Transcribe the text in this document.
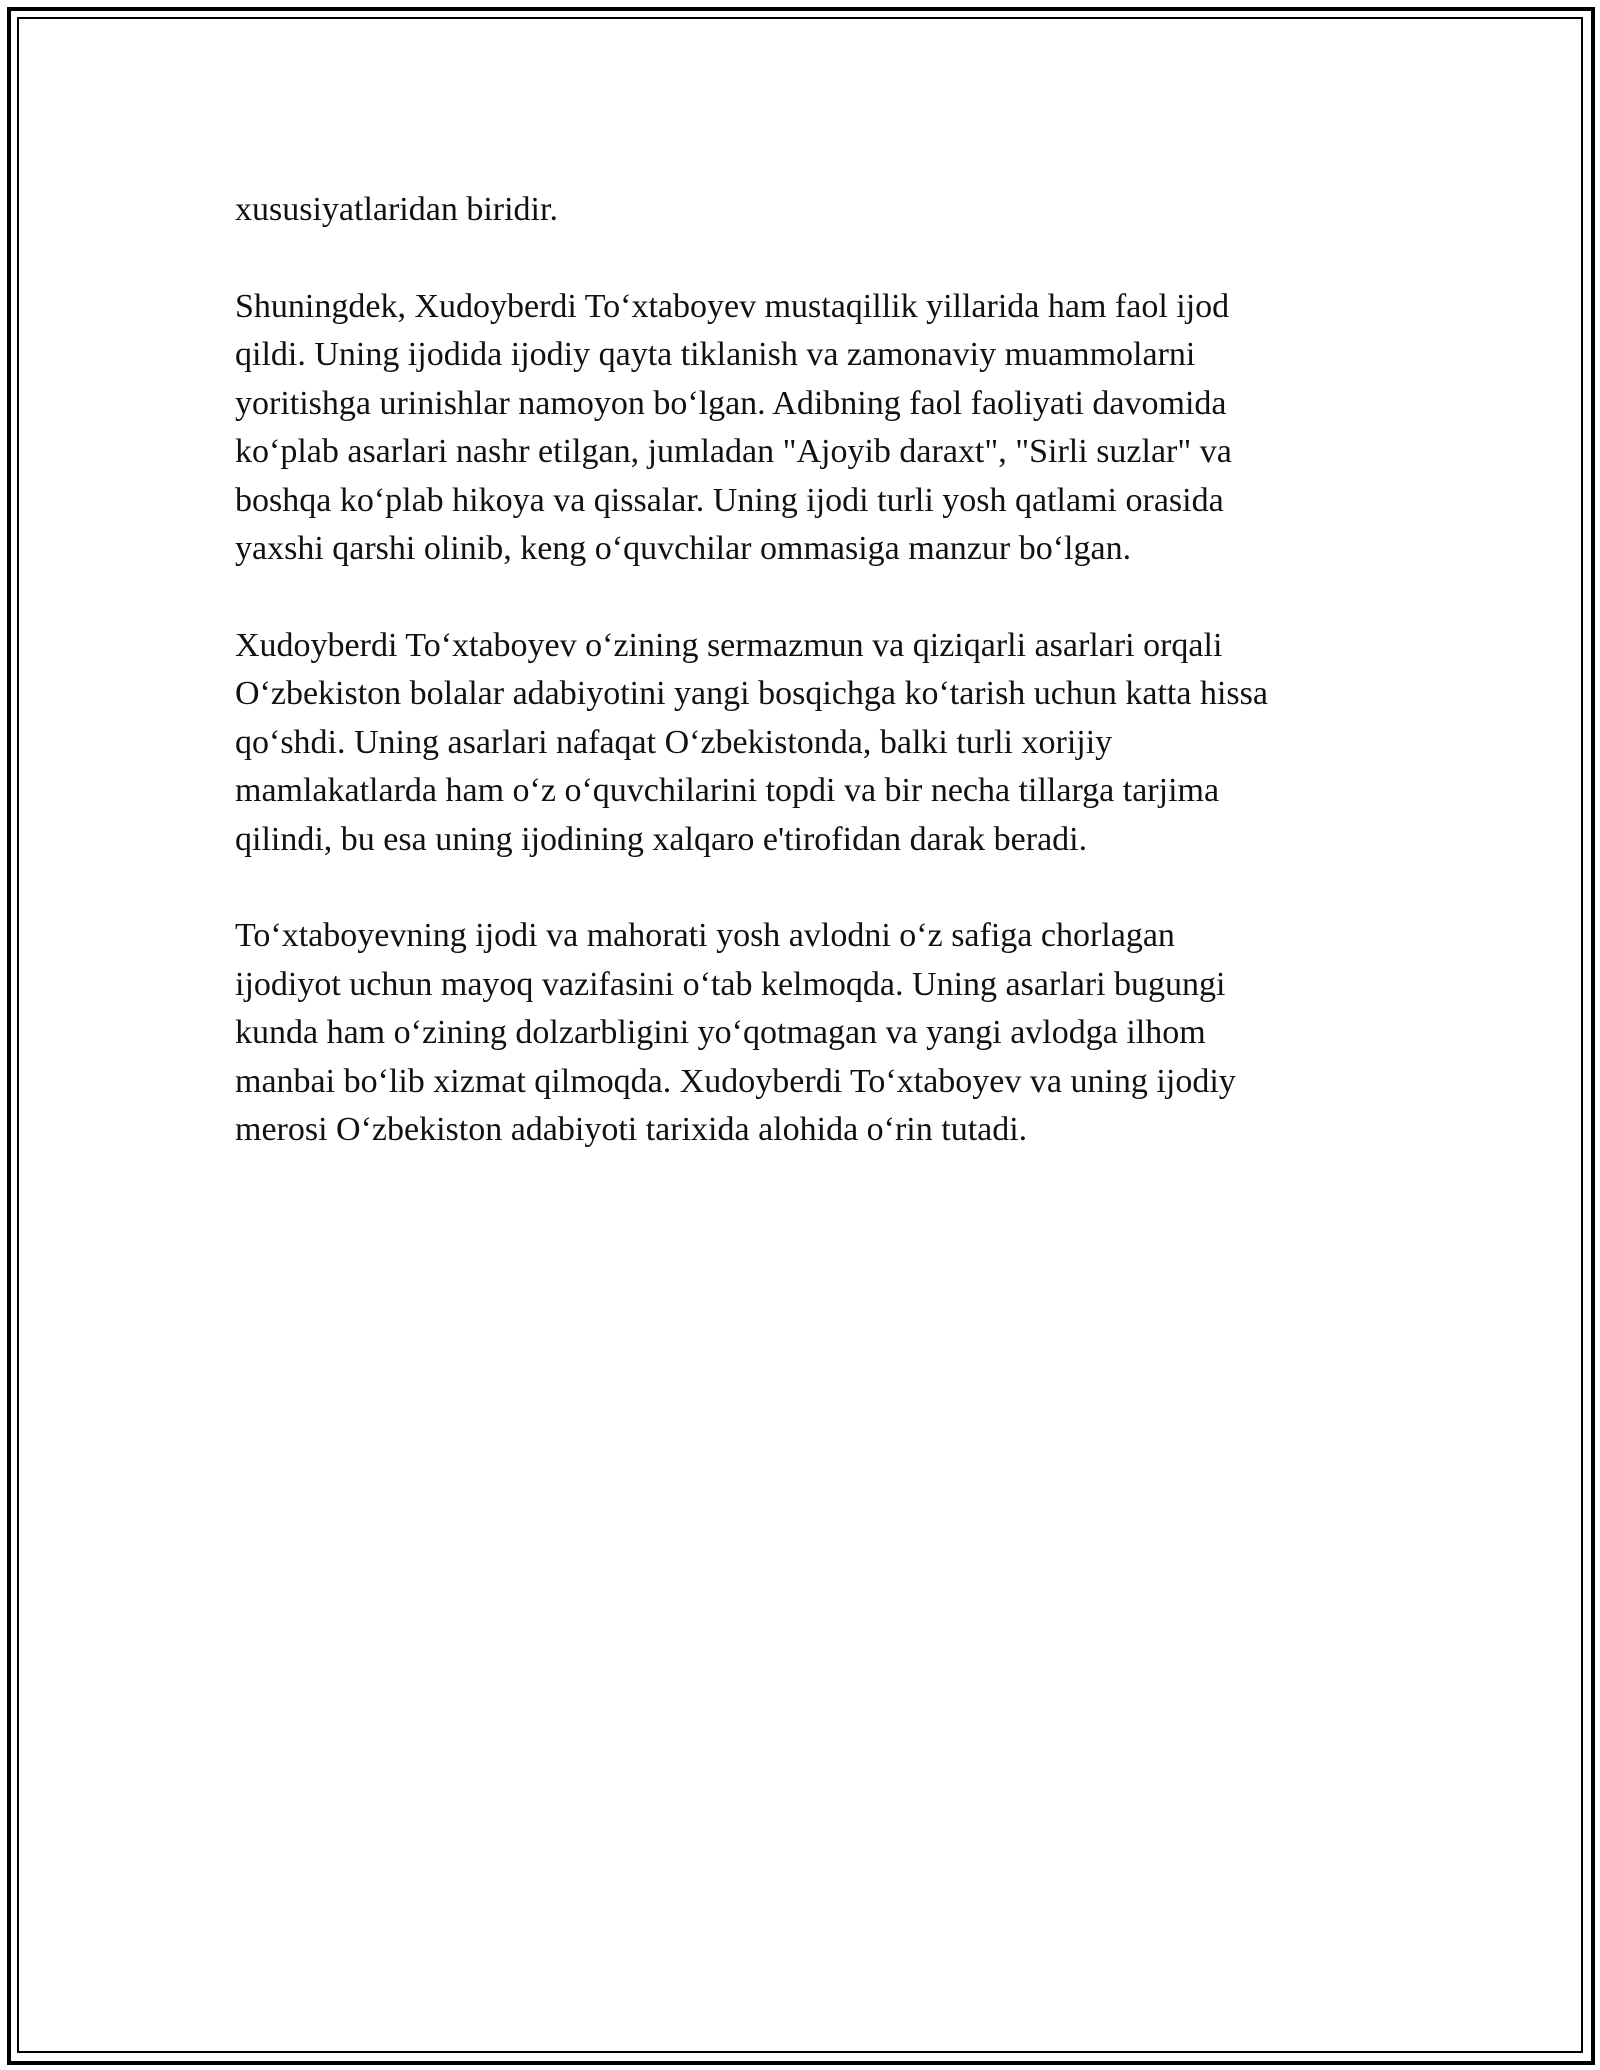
xususiyatlaridan biridir.

Shuningdek, Xudoyberdi To‘xtaboyev mustaqillik yillarida ham faol ijod
qildi. Uning ijodida ijodiy qayta tiklanish va zamonaviy muammolarni
yoritishga urinishlar namoyon bo‘lgan. Adibning faol faoliyati davomida
ko‘plab asarlari nashr etilgan, jumladan "Ajoyib daraxt", "Sirli suzlar" va
boshqa ko‘plab hikoya va qissalar. Uning ijodi turli yosh qatlami orasida
yaxshi qarshi olinib, keng o‘quvchilar ommasiga manzur bo‘lgan.

Xudoyberdi To‘xtaboyev o‘zining sermazmun va qiziqarli asarlari orqali
O‘zbekiston bolalar adabiyotini yangi bosqichga ko‘tarish uchun katta hissa
qo‘shdi. Uning asarlari nafaqat O‘zbekistonda, balki turli xorijiy
mamlakatlarda ham o‘z o‘quvchilarini topdi va bir necha tillarga tarjima
qilindi, bu esa uning ijodining xalqaro e'tirofidan darak beradi.

To‘xtaboyevning ijodi va mahorati yosh avlodni o‘z safiga chorlagan
ijodiyot uchun mayoq vazifasini o‘tab kelmoqda. Uning asarlari bugungi
kunda ham o‘zining dolzarbligini yo‘qotmagan va yangi avlodga ilhom
manbai bo‘lib xizmat qilmoqda. Xudoyberdi To‘xtaboyev va uning ijodiy
merosi O‘zbekiston adabiyoti tarixida alohida o‘rin tutadi.
